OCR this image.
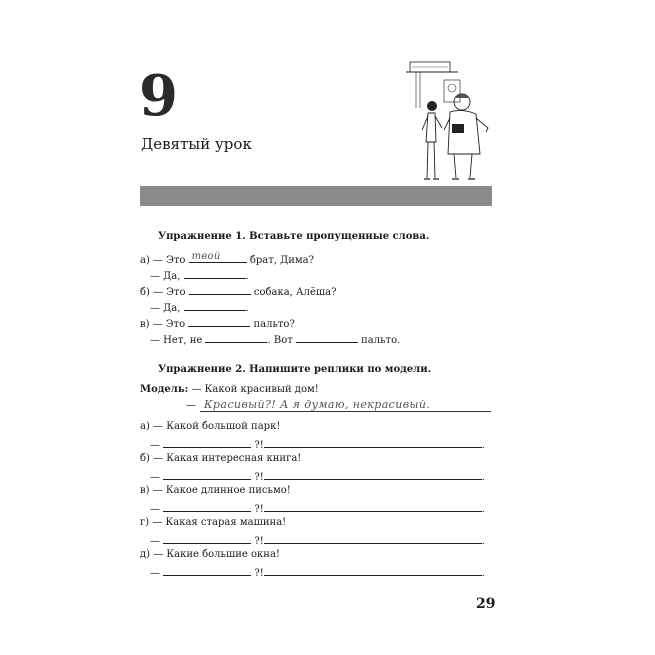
9
Девятый урок
Упражнение 1. Вставьте пропущенные слова.
а) — Это твой	брат, Дима?
— Да,	.
б) — Это	собака, Алёша?
— Да,	.
в) — Это	пальто?
— Нет, не	. Вот	пальто.
Упражнение 2. Напишите реплики по модели.
Модель: — Какой красивый дом!
— Красивый?! А я думаю, некрасивый.
а) — Какой большой парк!
—	?!	.
б) — Какая интересная книга!
—	?!	.
в) — Какое длинное письмо!
—	?!	.
г) — Какая старая машина!
—	?!	.
д) — Какие большие окна!
—	?!	.
29
